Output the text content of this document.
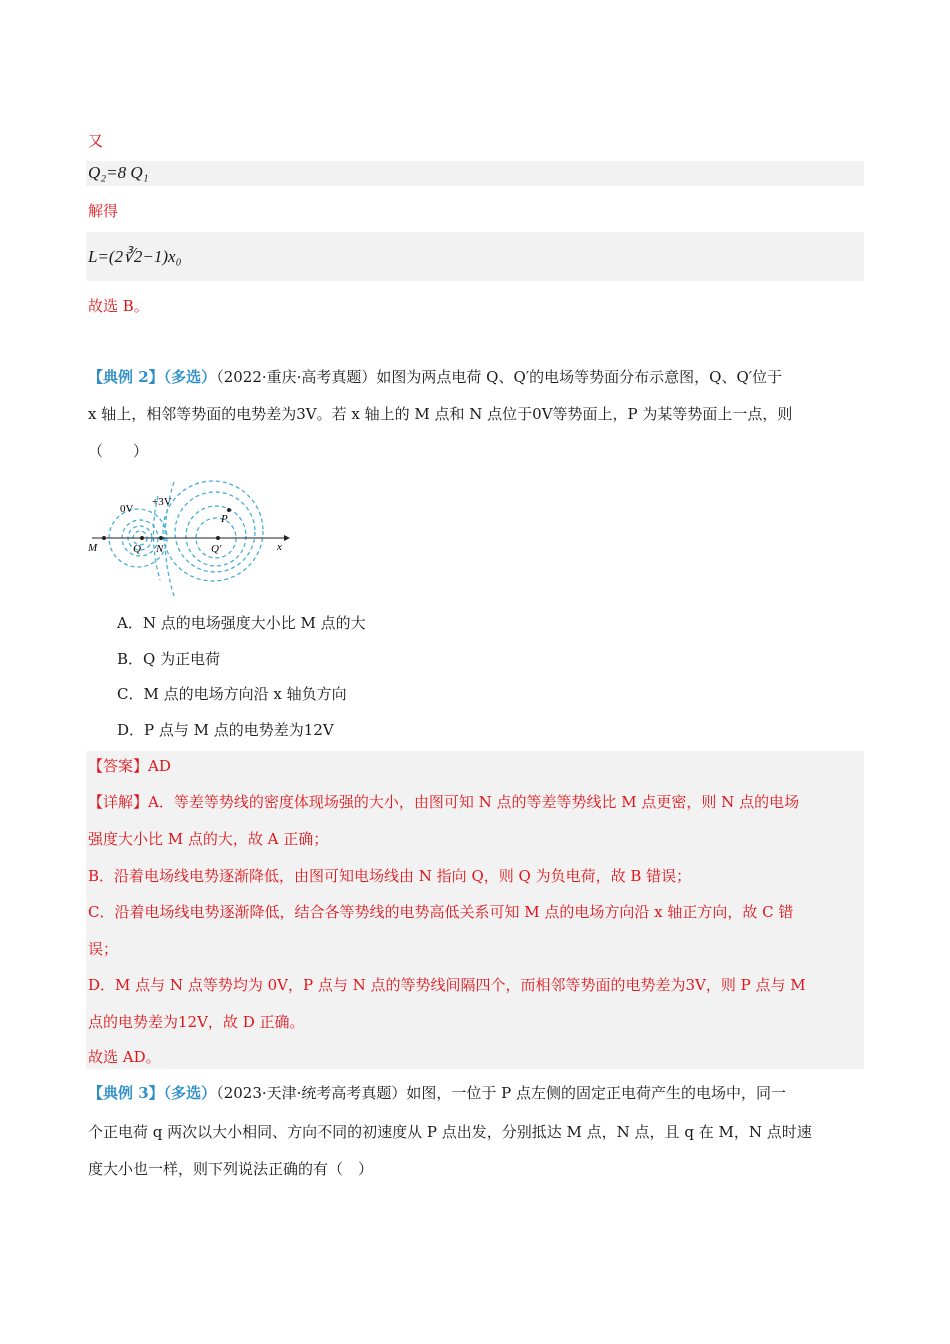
又
Q₂=8 Q₁
解得
L=(2∛2−1)x₀
故选 B。
【典例 2】（多选）（2022·重庆·高考真题）如图为两点电荷 Q、Q′的电场等势面分布示意图，Q、Q′位于
x 轴上，相邻等势面的电势差为3V。若 x 轴上的 M 点和 N 点位于0V等势面上，P 为某等势面上一点，则
（　　）
0V
+3V
M	Q N	Q′
P
x
A．N 点的电场强度大小比 M 点的大
B．Q 为正电荷
C．M 点的电场方向沿 x 轴负方向
D．P 点与 M 点的电势差为12V
【答案】AD
【详解】A．等差等势线的密度体现场强的大小，由图可知 N 点的等差等势线比 M 点更密，则 N 点的电场
强度大小比 M 点的大，故 A 正确；
B．沿着电场线电势逐渐降低，由图可知电场线由 N 指向 Q，则 Q 为负电荷，故 B 错误；
C．沿着电场线电势逐渐降低，结合各等势线的电势高低关系可知 M 点的电场方向沿 x 轴正方向，故 C 错
误；
D．M 点与 N 点等势均为 0V，P 点与 N 点的等势线间隔四个，而相邻等势面的电势差为3V，则 P 点与 M
点的电势差为12V，故 D 正确。
故选 AD。
【典例 3】（多选）（2023·天津·统考高考真题）如图，一位于 P 点左侧的固定正电荷产生的电场中，同一
个正电荷 q 两次以大小相同、方向不同的初速度从 P 点出发，分别抵达 M 点，N 点，且 q 在 M，N 点时速
度大小也一样，则下列说法正确的有（　）
